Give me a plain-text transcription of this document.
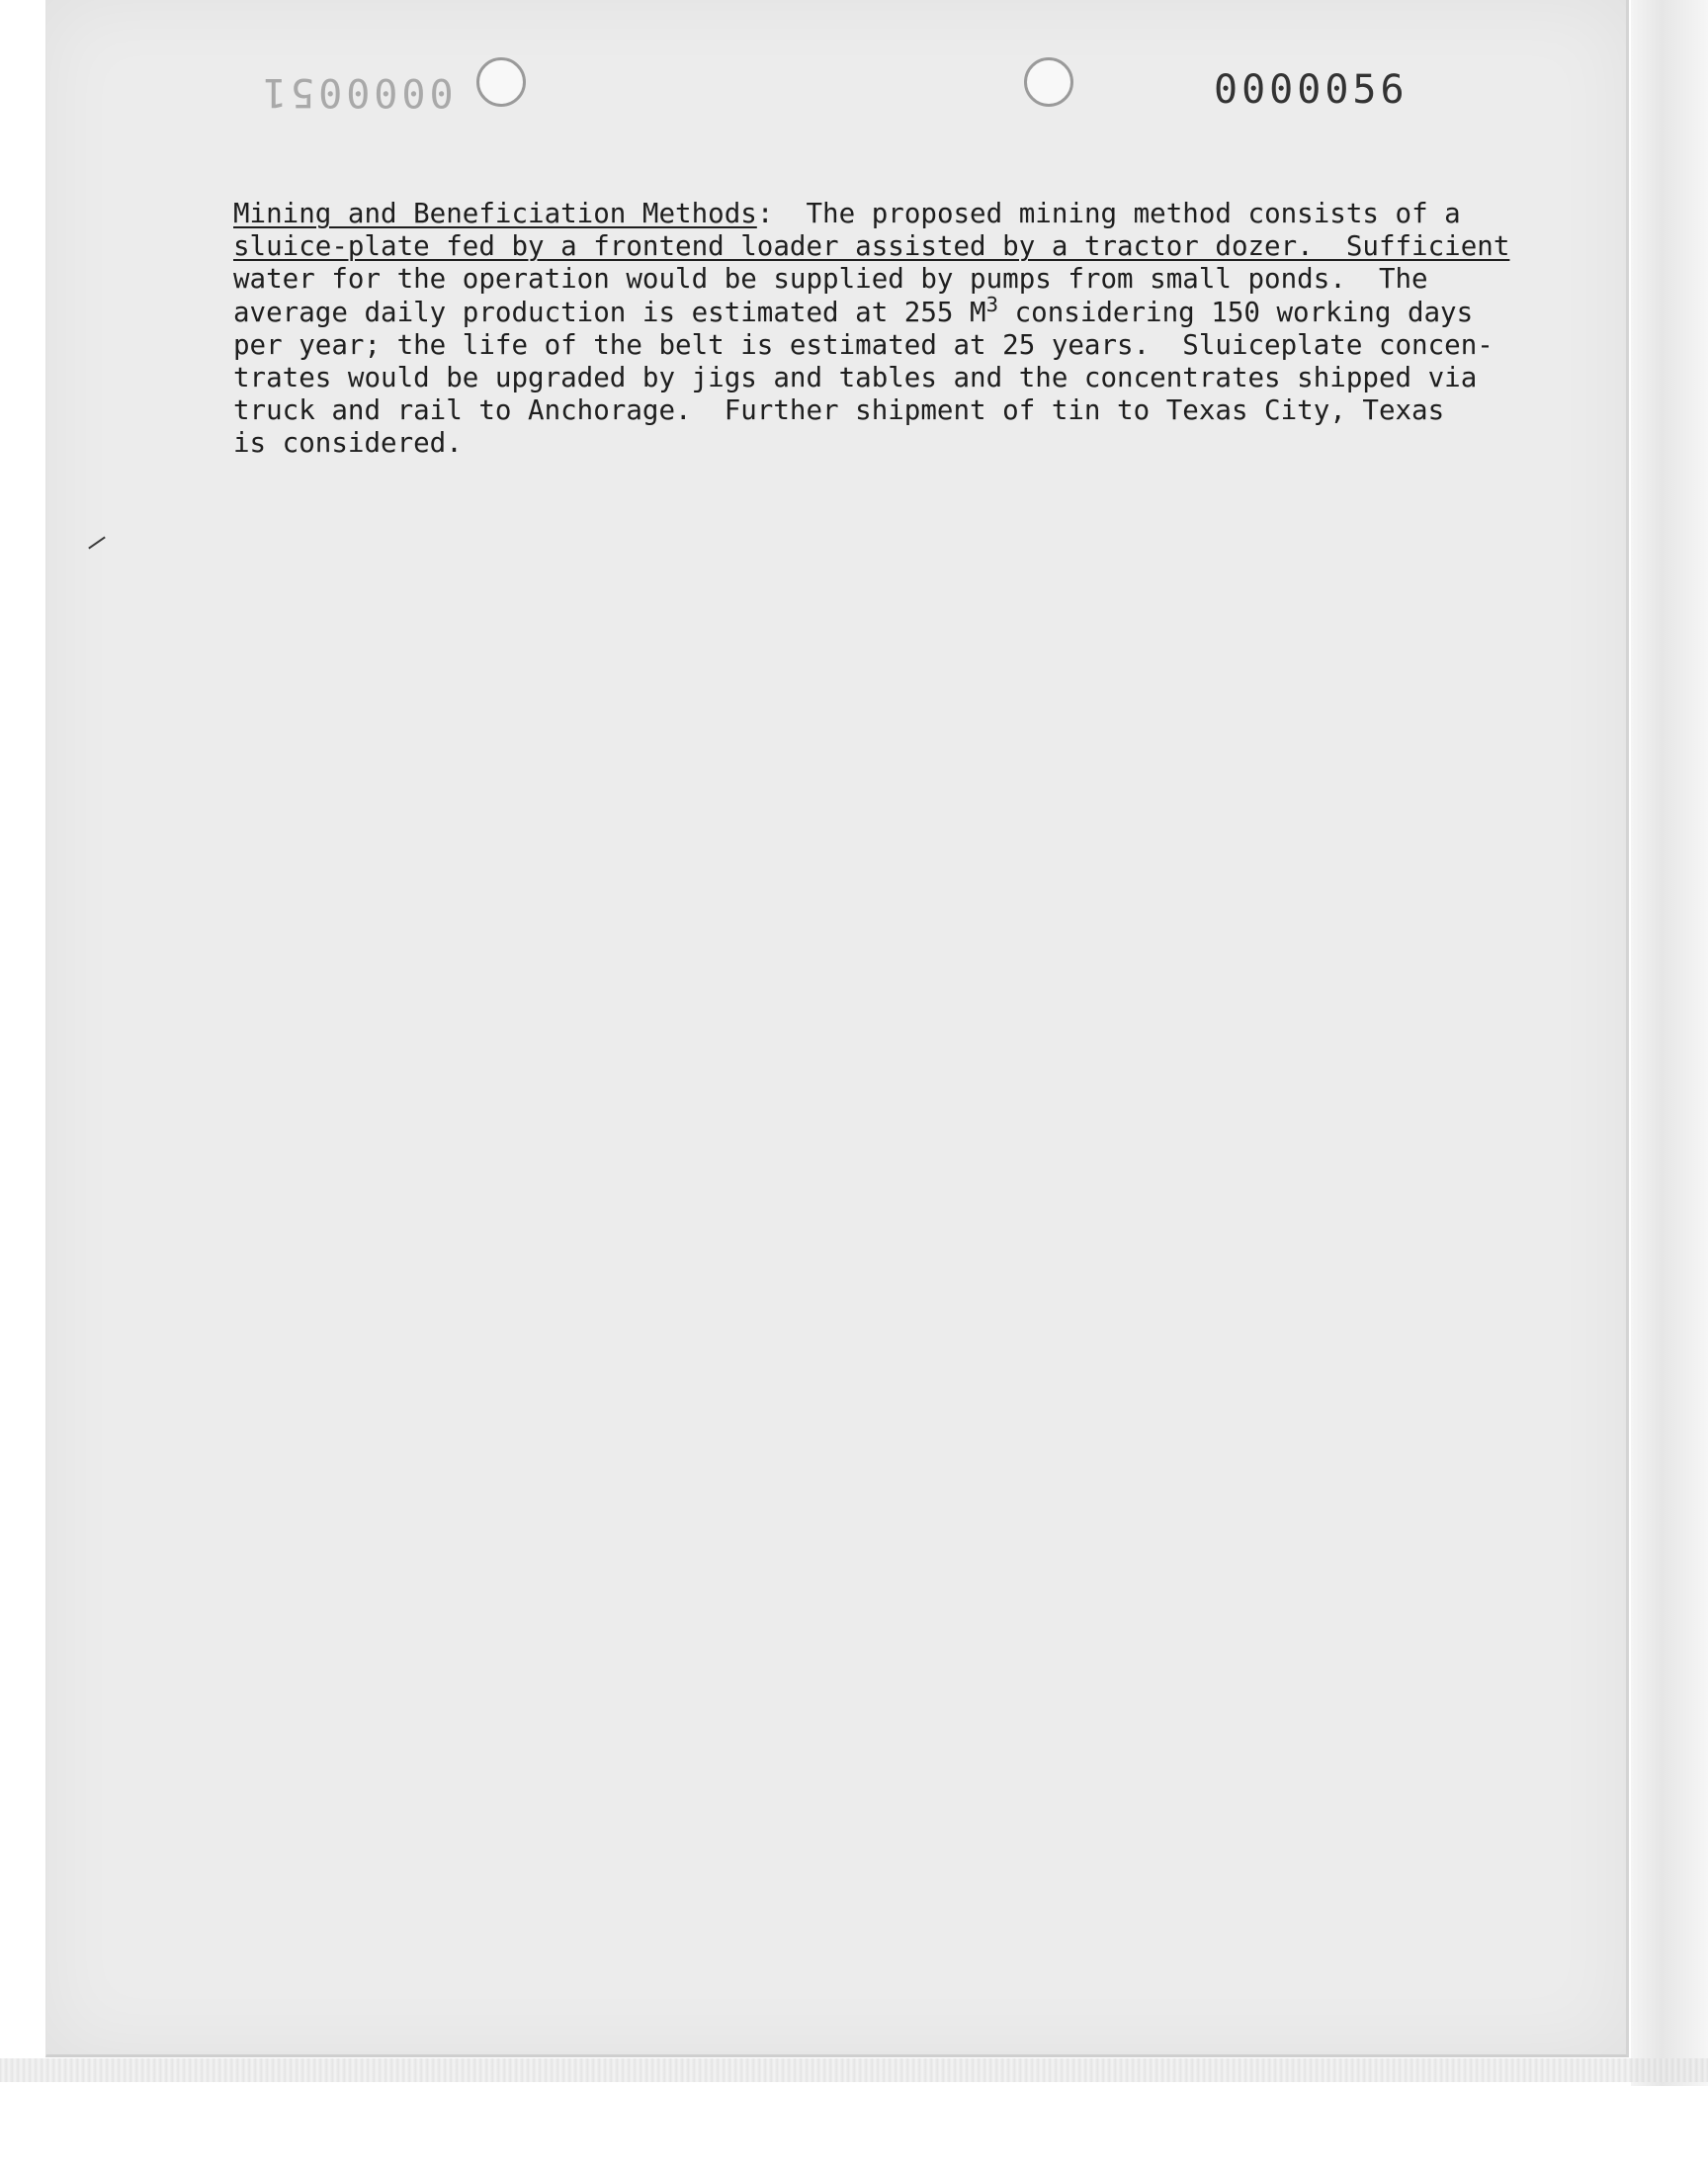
0000051	0000056
Mining and Beneficiation Methods:  The proposed mining method consists of a
sluice-plate fed by a frontend loader assisted by a tractor dozer.  Sufficient
water for the operation would be supplied by pumps from small ponds.  The
average daily production is estimated at 255 $M^3$ considering 150 working days
per year; the life of the belt is estimated at 25 years.  Sluiceplate concen-
trates would be upgraded by jigs and tables and the concentrates shipped via
truck and rail to Anchorage.  Further shipment of tin to Texas City, Texas
is considered.
